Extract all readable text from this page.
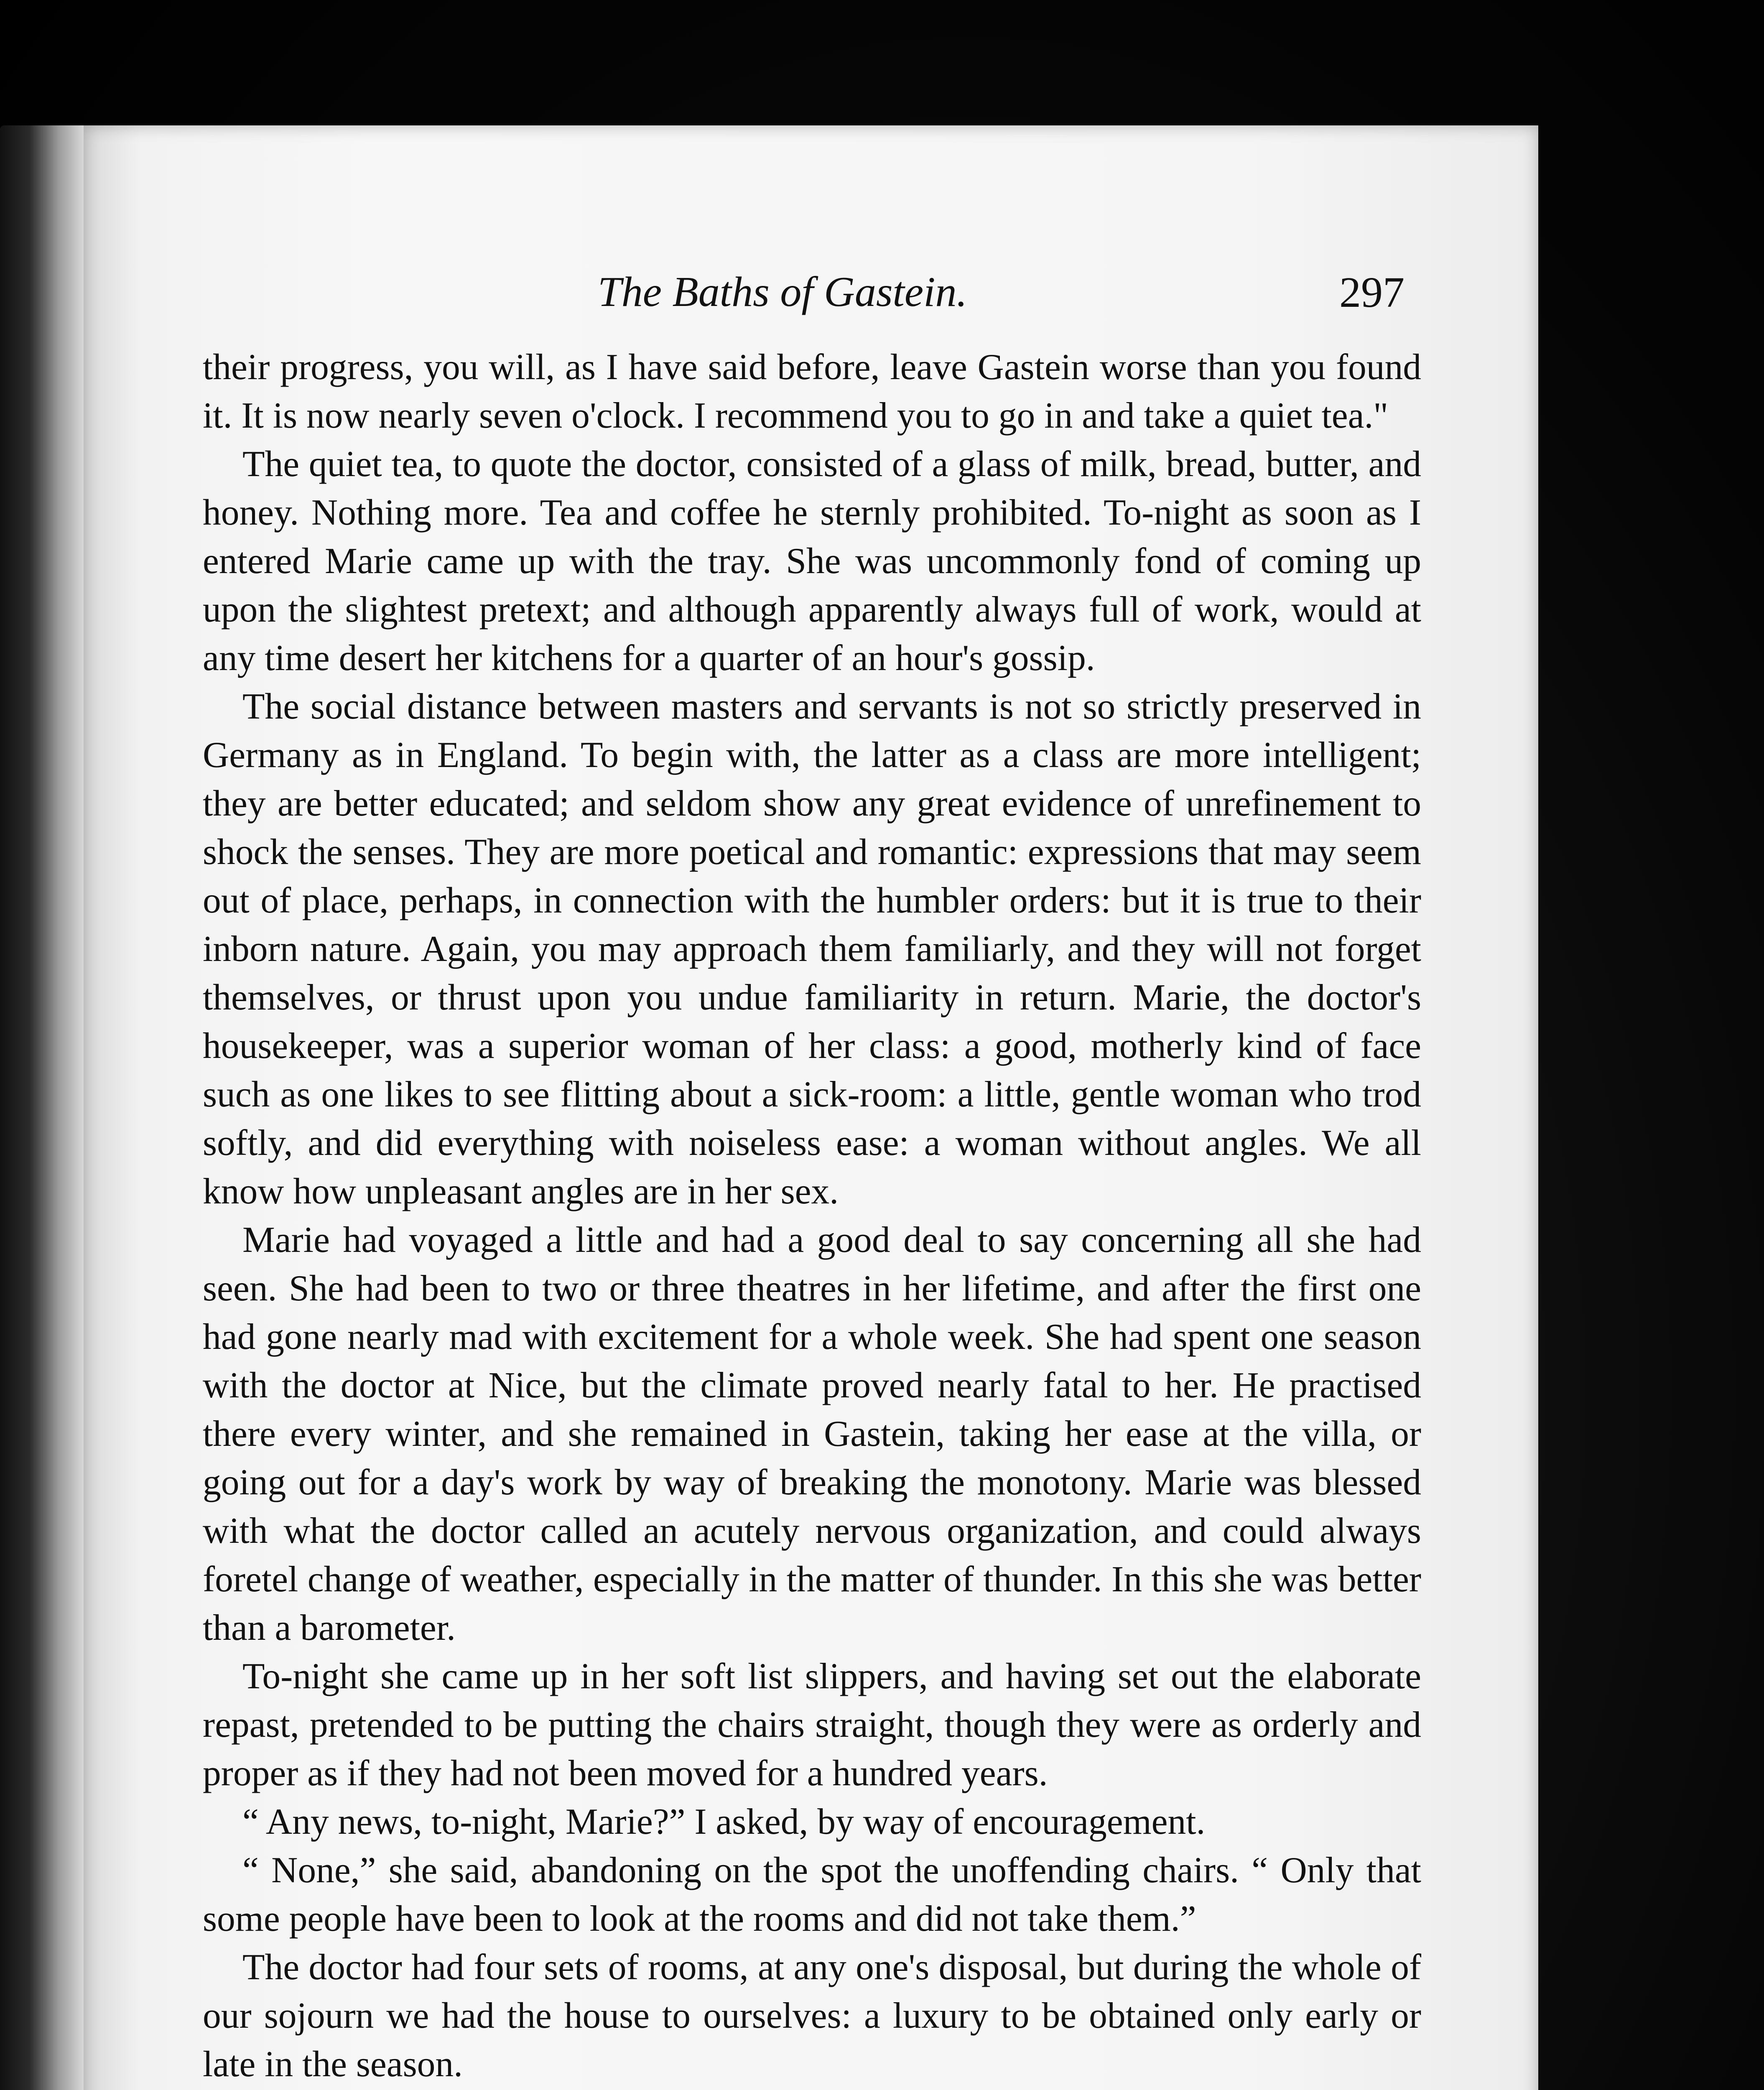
The Baths of Gastein.	297

their progress, you will, as I have said before, leave Gastein worse than you found it. It is now nearly seven o'clock. I recommend you to go in and take a quiet tea."

The quiet tea, to quote the doctor, consisted of a glass of milk, bread, butter, and honey. Nothing more. Tea and coffee he sternly prohibited. To-night as soon as I entered Marie came up with the tray. She was uncommonly fond of coming up upon the slightest pretext; and although apparently always full of work, would at any time desert her kitchens for a quarter of an hour's gossip.

The social distance between masters and servants is not so strictly preserved in Germany as in England. To begin with, the latter as a class are more intelligent; they are better educated; and seldom show any great evidence of unrefinement to shock the senses. They are more poetical and romantic: expressions that may seem out of place, perhaps, in connection with the humbler orders: but it is true to their inborn nature. Again, you may approach them familiarly, and they will not forget themselves, or thrust upon you undue familiarity in return. Marie, the doctor's housekeeper, was a superior woman of her class: a good, motherly kind of face such as one likes to see flitting about a sick-room: a little, gentle woman who trod softly, and did everything with noiseless ease: a woman without angles. We all know how unpleasant angles are in her sex.

Marie had voyaged a little and had a good deal to say concerning all she had seen. She had been to two or three theatres in her lifetime, and after the first one had gone nearly mad with excitement for a whole week. She had spent one season with the doctor at Nice, but the climate proved nearly fatal to her. He practised there every winter, and she remained in Gastein, taking her ease at the villa, or going out for a day's work by way of breaking the monotony. Marie was blessed with what the doctor called an acutely nervous organization, and could always foretel change of weather, especially in the matter of thunder. In this she was better than a barometer.

To-night she came up in her soft list slippers, and having set out the elaborate repast, pretended to be putting the chairs straight, though they were as orderly and proper as if they had not been moved for a hundred years.

“ Any news, to-night, Marie?” I asked, by way of encouragement.

“ None,” she said, abandoning on the spot the unoffending chairs. “ Only that some people have been to look at the rooms and did not take them.”

The doctor had four sets of rooms, at any one's disposal, but during the whole of our sojourn we had the house to ourselves: a luxury to be obtained only early or late in the season.
